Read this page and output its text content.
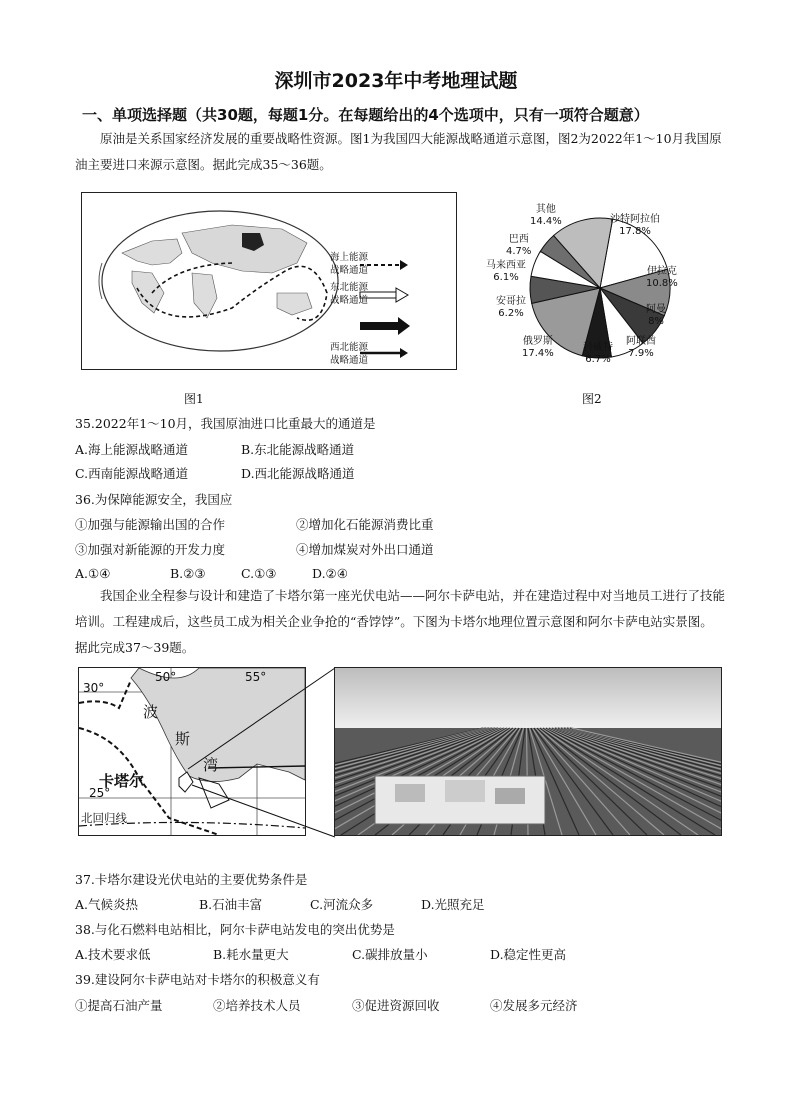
深圳市2023年中考地理试题
一、单项选择题（共30题，每题1分。在每题给出的4个选项中，只有一项符合题意）
原油是关系国家经济发展的重要战略性资源。图1为我国四大能源战略通道示意图，图2为2022年1～10月我国原油主要进口来源示意图。据此完成35～36题。
海上能源
战略通道
东北能源
战略通道
西北能源
战略通道
图1
其他
14.4%	沙特阿拉伯
17.8%
巴西
4.7%
马来西亚
6.1%
伊拉克
10.8%
安哥拉
6.2%	阿曼
8%
俄罗斯
17.4%
科威特
6.7%
阿联酋
7.9%
图2
35.2022年1～10月，我国原油进口比重最大的通道是
A.海上能源战略通道	B.东北能源战略通道
C.西南能源战略通道	D.西北能源战略通道
36.为保障能源安全，我国应
①加强与能源输出国的合作	②增加化石能源消费比重
③加强对新能源的开发力度	④增加煤炭对外出口通道
A.①④	B.②③	C.①③	D.②④
我国企业全程参与设计和建造了卡塔尔第一座光伏电站——阿尔卡萨电站，并在建造过程中对当地员工进行了技能培训。工程建成后，这些员工成为相关企业争抢的“香饽饽”。下图为卡塔尔地理位置示意图和阿尔卡萨电站实景图。据此完成37～39题。
30°
50°	55°
25°
波
斯
湾
卡塔尔
北回归线
37.卡塔尔建设光伏电站的主要优势条件是
A.气候炎热	B.石油丰富	C.河流众多	D.光照充足
38.与化石燃料电站相比，阿尔卡萨电站发电的突出优势是
A.技术要求低	B.耗水量更大	C.碳排放量小	D.稳定性更高
39.建设阿尔卡萨电站对卡塔尔的积极意义有
①提高石油产量	②培养技术人员	③促进资源回收	④发展多元经济
